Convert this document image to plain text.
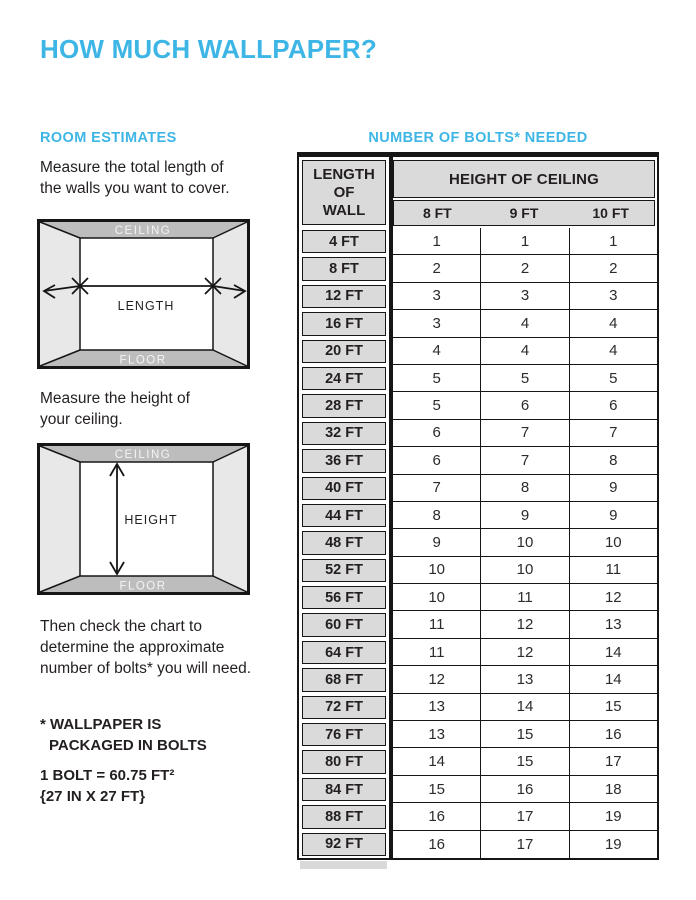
HOW MUCH WALLPAPER?
ROOM ESTIMATES
Measure the total length of
the walls you want to cover.
CEILING
FLOOR
LENGTH
Measure the height of
your ceiling.
CEILING
FLOOR
HEIGHT
Then check the chart to
determine the approximate
number of bolts* you will need.
* WALLPAPER IS
PACKAGED IN BOLTS
1 BOLT = 60.75 FT²
{27 IN X 27 FT}
NUMBER OF BOLTS* NEEDED
LENGTH OF WALL
HEIGHT OF CEILING
8 FT	9 FT	10 FT
4 FT	1	1	1
8 FT	2	2	2
12 FT	3	3	3
16 FT	3	4	4
20 FT	4	4	4
24 FT	5	5	5
28 FT	5	6	6
32 FT	6	7	7
36 FT	6	7	8
40 FT	7	8	9
44 FT	8	9	9
48 FT	9	10	10
52 FT	10	10	11
56 FT	10	11	12
60 FT	11	12	13
64 FT	11	12	14
68 FT	12	13	14
72 FT	13	14	15
76 FT	13	15	16
80 FT	14	15	17
84 FT	15	16	18
88 FT	16	17	19
92 FT	16	17	19
